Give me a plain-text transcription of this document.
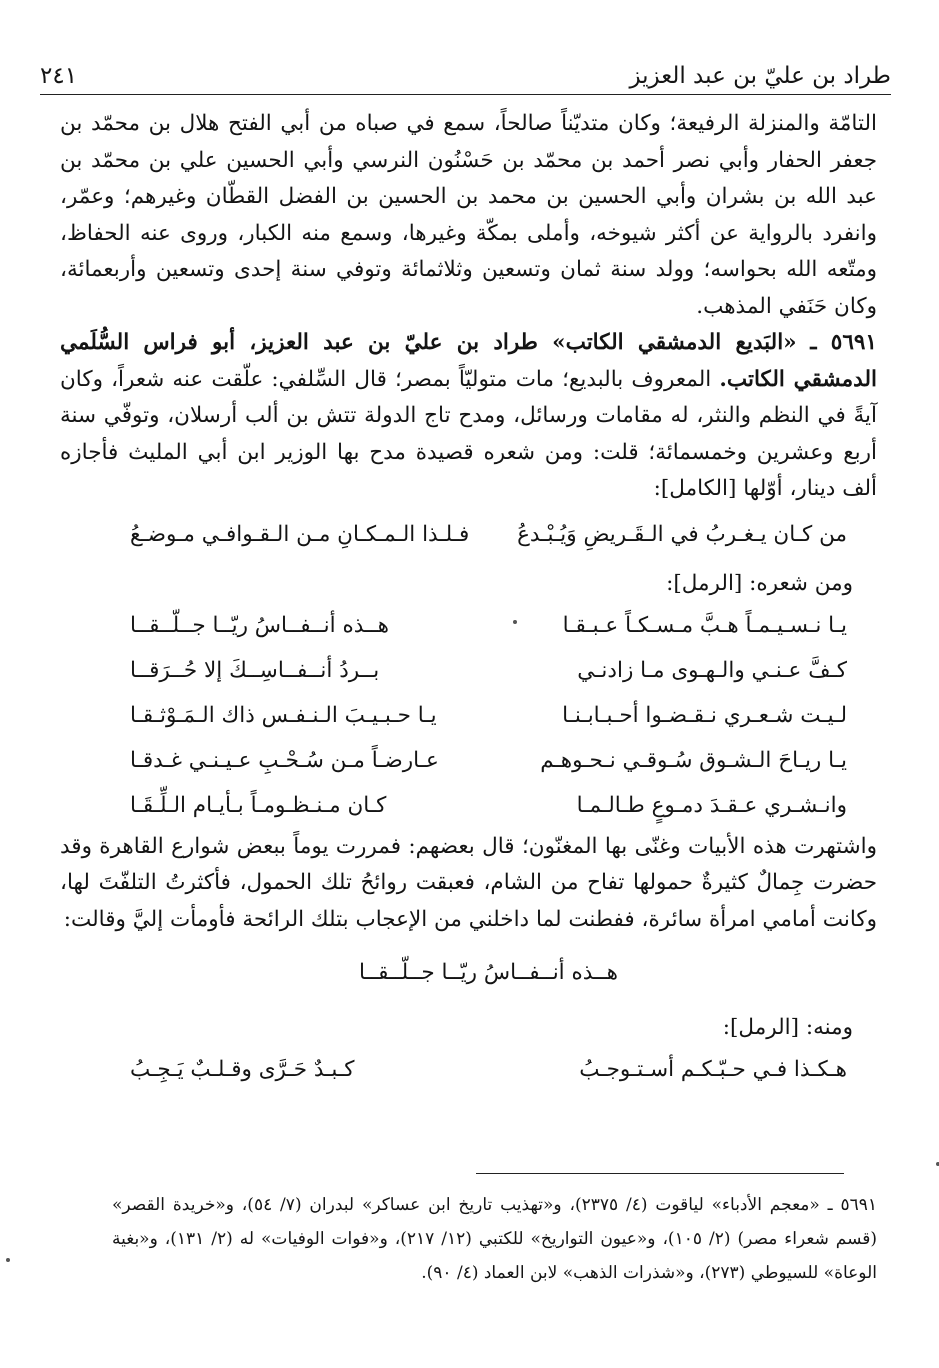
طراد بن عليّ بن عبد العزيز
٢٤١

التامّة والمنزلة الرفيعة؛ وكان متديّناً صالحاً، سمع في صباه من أبي الفتح هلال بن محمّد بن جعفر الحفار وأبي نصر أحمد بن محمّد بن حَسْنُون النرسي وأبي الحسين علي بن محمّد بن عبد الله بن بشران وأبي الحسين بن محمد بن الحسين بن الفضل القطّان وغيرهم؛ وعمّر، وانفرد بالرواية عن أكثر شيوخه، وأملى بمكّة وغيرها، وسمع منه الكبار، وروى عنه الحفاظ، ومتّعه الله بحواسه؛ وولد سنة ثمان وتسعين وثلاثمائة وتوفي سنة إحدى وتسعين وأربعمائة، وكان حَنَفي المذهب.

٥٦٩١ ـ «البَديع الدمشقي الكاتب» طراد بن عليّ بن عبد العزيز، أبو فراس السُّلَمي الدمشقي الكاتب. المعروف بالبديع؛ مات متوليّاً بمصر؛ قال السِّلفي: علّقت عنه شعراً، وكان آيةً في النظم والنثر، له مقامات ورسائل، ومدح تاج الدولة تتش بن ألب أرسلان، وتوفّي سنة أربع وعشرين وخمسمائة؛ قلت: ومن شعره قصيدة مدح بها الوزير ابن أبي المليث فأجازه ألف دينار، أوّلها [الكامل]:

من كـان يـغـربُ في الـقَـريضِ وَيُـبْـدعُ
فـلـذا الـمـكـانِ مـن الـقـوافـي مـوضـعُ

ومن شعره: [الرمل]:

يـا نـسـيـمـاً هـبَّ مـسـكـاً عـبـقـا
هــذه أنــفــاسُ ريّــا جــلّــقــا
كـفَّ عـنـي والـهـوى مـا زادنـي
بــردُ أنــفــاسِــكَ إلا حُــرَقــا
لـيـت شـعـري نـقـضـوا أحـبـابـنـا
يـا حـبـيـبَ الـنـفـس ذاك الـمَـوْثـقـا
يـا ريـاحَ الـشـوق سُـوقـي نـحـوهـم
عـارضـاً مـن سُـحْـبِ عـيـنـي غـدقـا
وانـشـري عـقـدَ دمـوعٍ طـالـمـا
كـان مـنـظـومـاً بـأيـام الـلِّـقَـا

واشتهرت هذه الأبيات وغنّى بها المغنّون؛ قال بعضهم: فمررت يوماً ببعض شوارع القاهرة وقد حضرت جِمالٌ كثيرةٌ حمولها تفاح من الشام، فعبقت روائحُ تلك الحمول، فأكثرتُ التلفّتَ لها، وكانت أمامي امرأة سائرة، ففطنت لما داخلني من الإعجاب بتلك الرائحة فأومأت إليَّ وقالت:

هــذه أنــفــاسُ ريّــا جــلّــقــا

ومنه: [الرمل]:

هـكـذا فـي حـبّـكـم أسـتـوجـبُ
كـبـدٌ حَـرَّى وقـلـبٌ يَـجِـبُ
٥٦٩١ ـ «معجم الأدباء» لياقوت (٤/ ٢٣٧٥)، و«تهذيب تاريخ ابن عساكر» لبدران (٧/ ٥٤)، و«خريدة القصر» (قسم شعراء مصر) (٢/ ١٠٥)، و«عيون التواريخ» للكتبي (١٢/ ٢١٧)، و«فوات الوفيات» له (٢/ ١٣١)، و«بغية الوعاة» للسيوطي (٢٧٣)، و«شذرات الذهب» لابن العماد (٤/ ٩٠).
